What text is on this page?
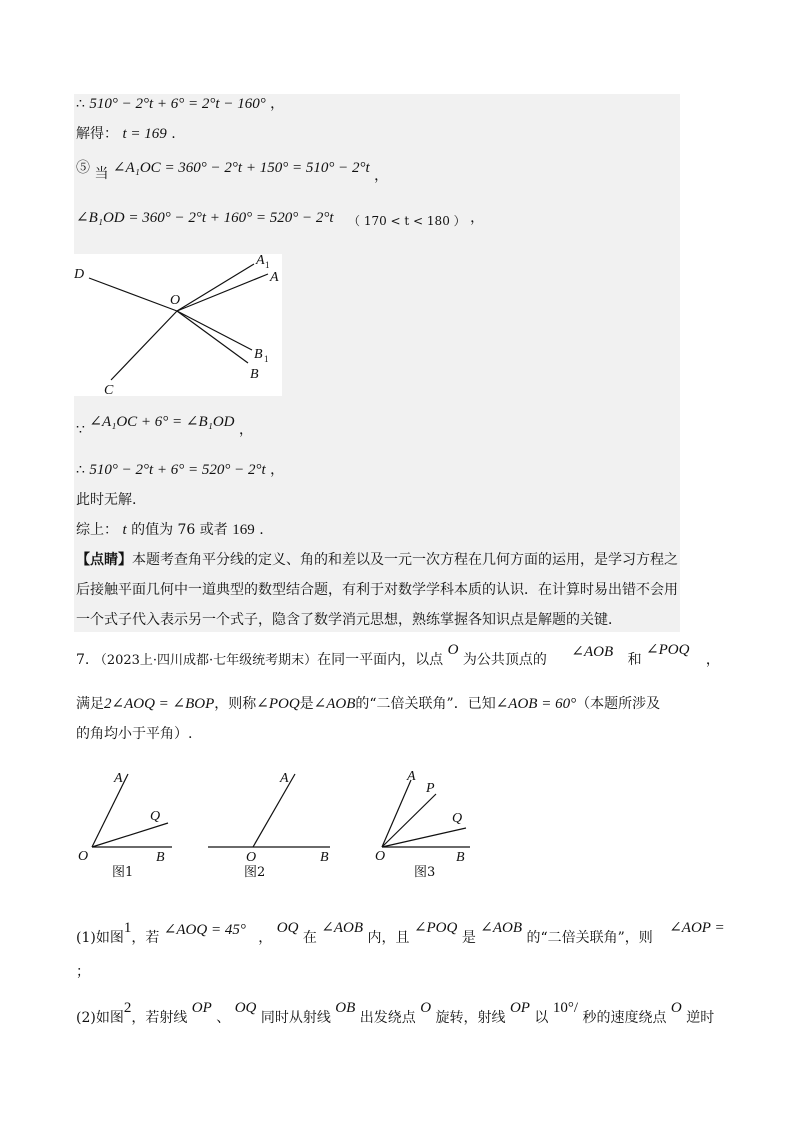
∴ 510° − 2°t + 6° = 2°t − 160° ，
解得： t = 169 .
⑤ 当 ∠A₁OC = 360° − 2°t + 150° = 510° − 2°t ，
∠B₁OD = 360° − 2°t + 160° = 520° − 2°t （ 170 < t < 180 ） ，
D
O
A 1
A
B 1
B
C
∵ ∠A₁OC + 6° = ∠B₁OD ，
∴ 510° − 2°t + 6° = 520° − 2°t ，
此时无解.
综上： t 的值为 76 或者 169 .
【点睛】本题考查角平分线的定义、角的和差以及一元一次方程在几何方面的运用，是学习方程之
后接触平面几何中一道典型的数型结合题，有利于对数学学科本质的认识．在计算时易出错不会用
一个式子代入表示另一个式子，隐含了数学消元思想，熟练掌握各知识点是解题的关键．
7. （2023上·四川成都·七年级统考期末）在同一平面内，以点 O 为公共顶点的 ∠AOB 和 ∠POQ ，
满足2∠AOQ = ∠BOP，则称∠POQ是∠AOB的“二倍关联角”．已知∠AOB = 60°（本题所涉及
的角均小于平角）.
A
Q
O	B
图1
A
O	B
图2
A
P
Q
O	B
图3
(1)如图1，若 ∠AOQ = 45° ， OQ 在 ∠AOB 内，且 ∠POQ 是 ∠AOB 的“二倍关联角”，则 ∠AOP =
；
(2)如图2，若射线 OP 、 OQ 同时从射线 OB 出发绕点 O 旋转，射线 OP 以 10°/ 秒的速度绕点 O 逆时
